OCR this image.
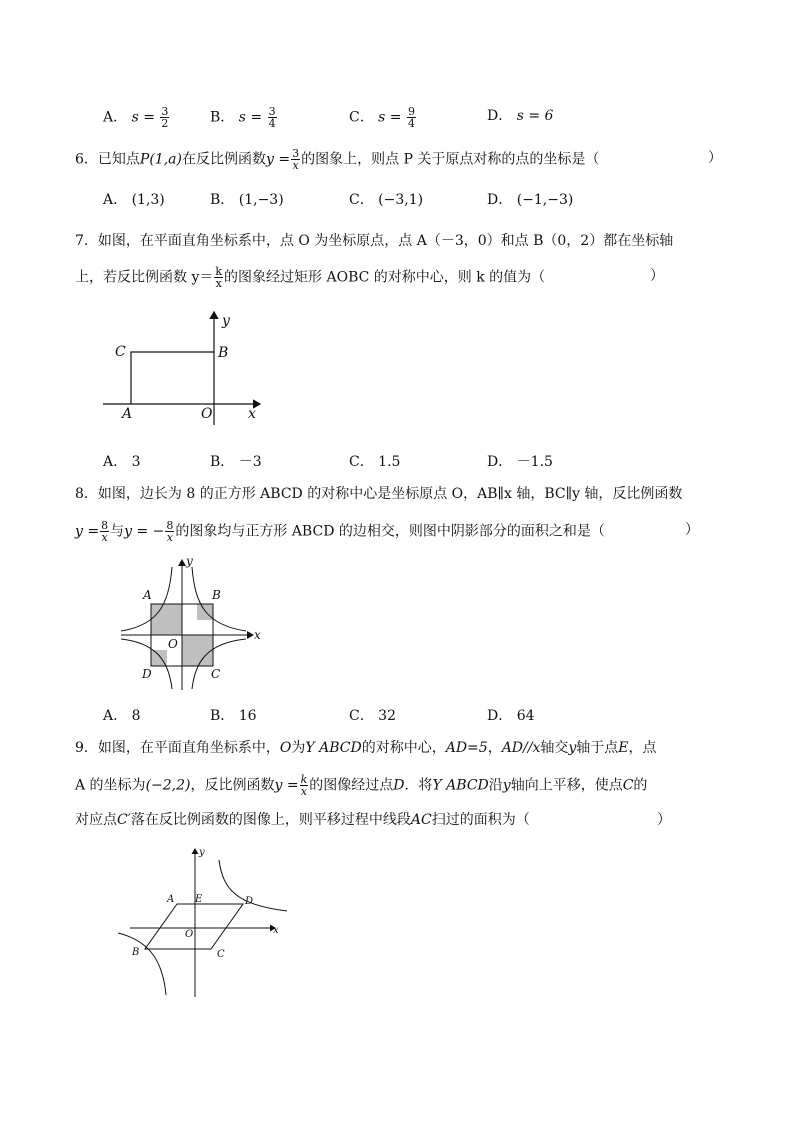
A． $s = \frac{3}{2}$	B． $s = \frac{3}{4}$	C． $s = \frac{9}{4}$	D． s = 6
6．已知点P(1,a)在反比例函数$y = \frac{3}{x}$ 的图象上，则点 P 关于原点对称的点的坐标是（	）
A． (1,3)	B． (1,−3)	C． (−3,1)	D． (−1,−3)
7．如图，在平面直角坐标系中，点 O 为坐标原点，点 A（－3，0）和点 B（0，2）都在坐标轴
上，若反比例函数 $y= \frac{k}{x}$ 的图象经过矩形 AOBC 的对称中心，则 k 的值为（	）
y
x
C	B
A	O
A． 3	B． －3	C． 1.5	D． －1.5
8．如图，边长为 8 的正方形 ABCD 的对称中心是坐标原点 O，AB∥x 轴，BC∥y 轴，反比例函数
$y = \frac{8}{x}$ 与y = − $\frac{8}{x}$ 的图象均与正方形 ABCD 的边相交，则图中阴影部分的面积之和是（	）
y
x
A	B
O
D	C
A． 8	B． 16	C． 32	D． 64
9．如图，在平面直角坐标系中，O为Y ABCD的对称中心，AD=5，AD//x轴交y轴于点E，点
A 的坐标为(−2,2)，反比例函数$y = \frac{k}{x}$ 的图像经过点D．将Y ABCD沿y轴向上平移，使点C的
对应点C′落在反比例函数的图像上，则平移过程中线段AC扫过的面积为（	）
y
x
A E	D
O
B	C
